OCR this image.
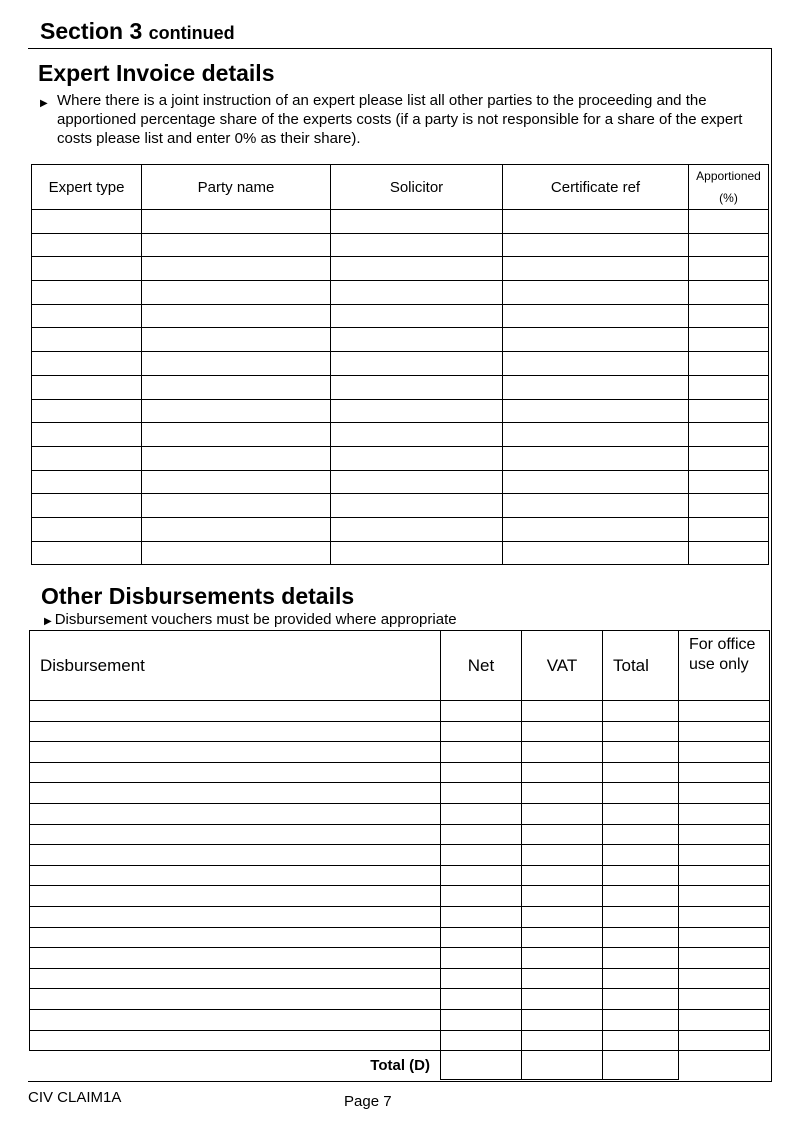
Section 3 continued
Expert Invoice details
▶ Where there is a joint instruction of an expert please list all other parties to the proceeding and the apportioned percentage share of the experts costs (if a party is not responsible for a share of the expert costs please list and enter 0% as their share).
Expert type	Party name	Solicitor	Certificate ref	Apportioned
(%)

Other Disbursements details
▶ Disbursement vouchers must be provided where appropriate
Disbursement	Net	VAT	Total	For office
use only

Total (D)				
CIV CLAIM1A	Page 7
